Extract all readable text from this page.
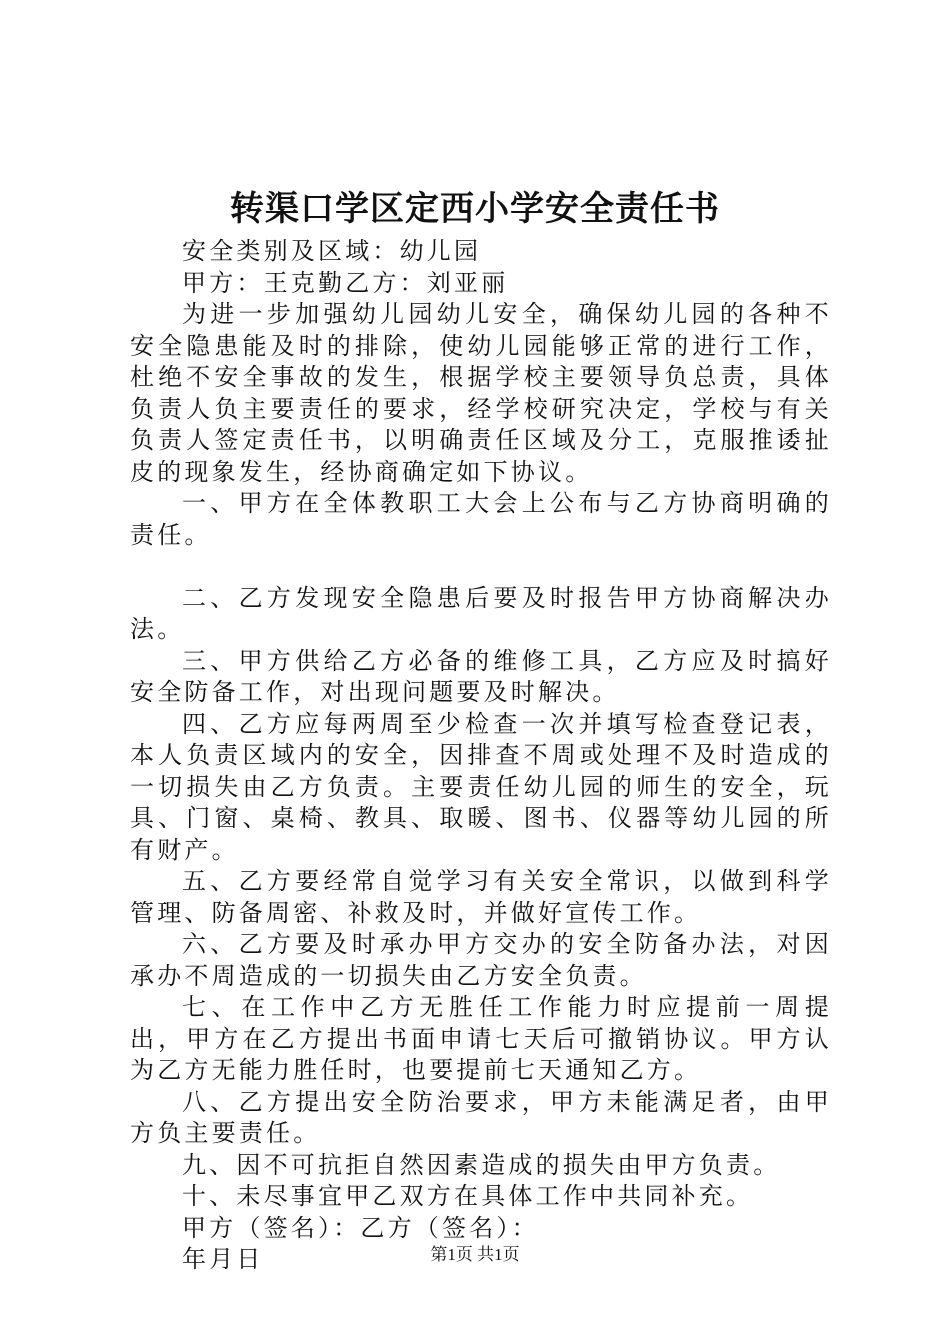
转渠口学区定西小学安全责任书

安全类别及区域：幼儿园

甲方：王克勤乙方：刘亚丽

为进一步加强幼儿园幼儿安全，确保幼儿园的各种不安全隐患能及时的排除，使幼儿园能够正常的进行工作，杜绝不安全事故的发生，根据学校主要领导负总责，具体负责人负主要责任的要求，经学校研究决定，学校与有关负责人签定责任书，以明确责任区域及分工，克服推诿扯皮的现象发生，经协商确定如下协议。

一、甲方在全体教职工大会上公布与乙方协商明确的责任。

二、乙方发现安全隐患后要及时报告甲方协商解决办法。

三、甲方供给乙方必备的维修工具，乙方应及时搞好安全防备工作，对出现问题要及时解决。

四、乙方应每两周至少检查一次并填写检查登记表，本人负责区域内的安全，因排查不周或处理不及时造成的一切损失由乙方负责。主要责任幼儿园的师生的安全，玩具、门窗、桌椅、教具、取暖、图书、仪器等幼儿园的所有财产。

五、乙方要经常自觉学习有关安全常识，以做到科学管理、防备周密、补救及时，并做好宣传工作。

六、乙方要及时承办甲方交办的安全防备办法，对因承办不周造成的一切损失由乙方安全负责。

七、在工作中乙方无胜任工作能力时应提前一周提出，甲方在乙方提出书面申请七天后可撤销协议。甲方认为乙方无能力胜任时，也要提前七天通知乙方。

八、乙方提出安全防治要求，甲方未能满足者，由甲方负主要责任。

九、因不可抗拒自然因素造成的损失由甲方负责。

十、未尽事宜甲乙双方在具体工作中共同补充。

甲方（签名）：乙方（签名）：

年月日	第1页 共1页
